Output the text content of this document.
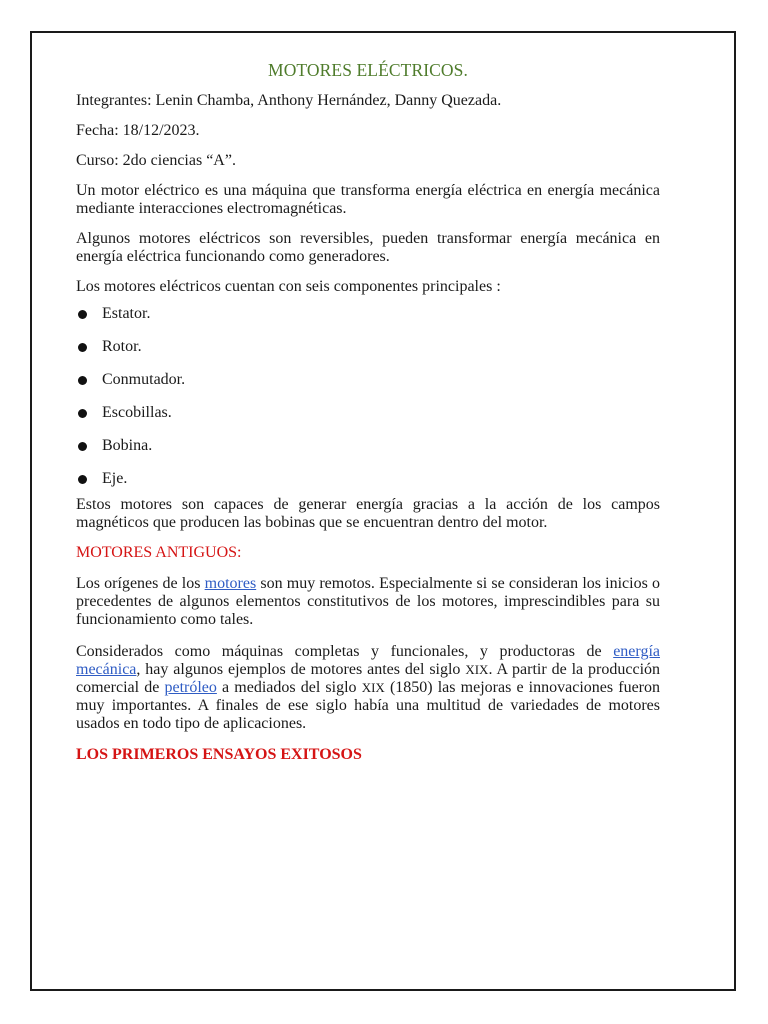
MOTORES ELÉCTRICOS.

Integrantes: Lenin Chamba, Anthony Hernández, Danny Quezada.

Fecha: 18/12/2023.

Curso: 2do ciencias “A”.

Un motor eléctrico es una máquina que transforma energía eléctrica en energía mecánica mediante interacciones electromagnéticas.

Algunos motores eléctricos son reversibles, pueden transformar energía mecánica en energía eléctrica funcionando como generadores.

Los motores eléctricos cuentan con seis componentes principales :

Estator.
Rotor.
Conmutador.
Escobillas.
Bobina.
Eje.

Estos motores son capaces de generar energía gracias a la acción de los campos magnéticos que producen las bobinas que se encuentran dentro del motor.

MOTORES ANTIGUOS:

Los orígenes de los motores son muy remotos. Especialmente si se consideran los inicios o precedentes de algunos elementos constitutivos de los motores, imprescindibles para su funcionamiento como tales.

Considerados como máquinas completas y funcionales, y productoras de energía mecánica, hay algunos ejemplos de motores antes del siglo XIX. A partir de la producción comercial de petróleo a mediados del siglo XIX (1850) las mejoras e innovaciones fueron muy importantes. A finales de ese siglo había una multitud de variedades de motores usados en todo tipo de aplicaciones.

LOS PRIMEROS ENSAYOS EXITOSOS
